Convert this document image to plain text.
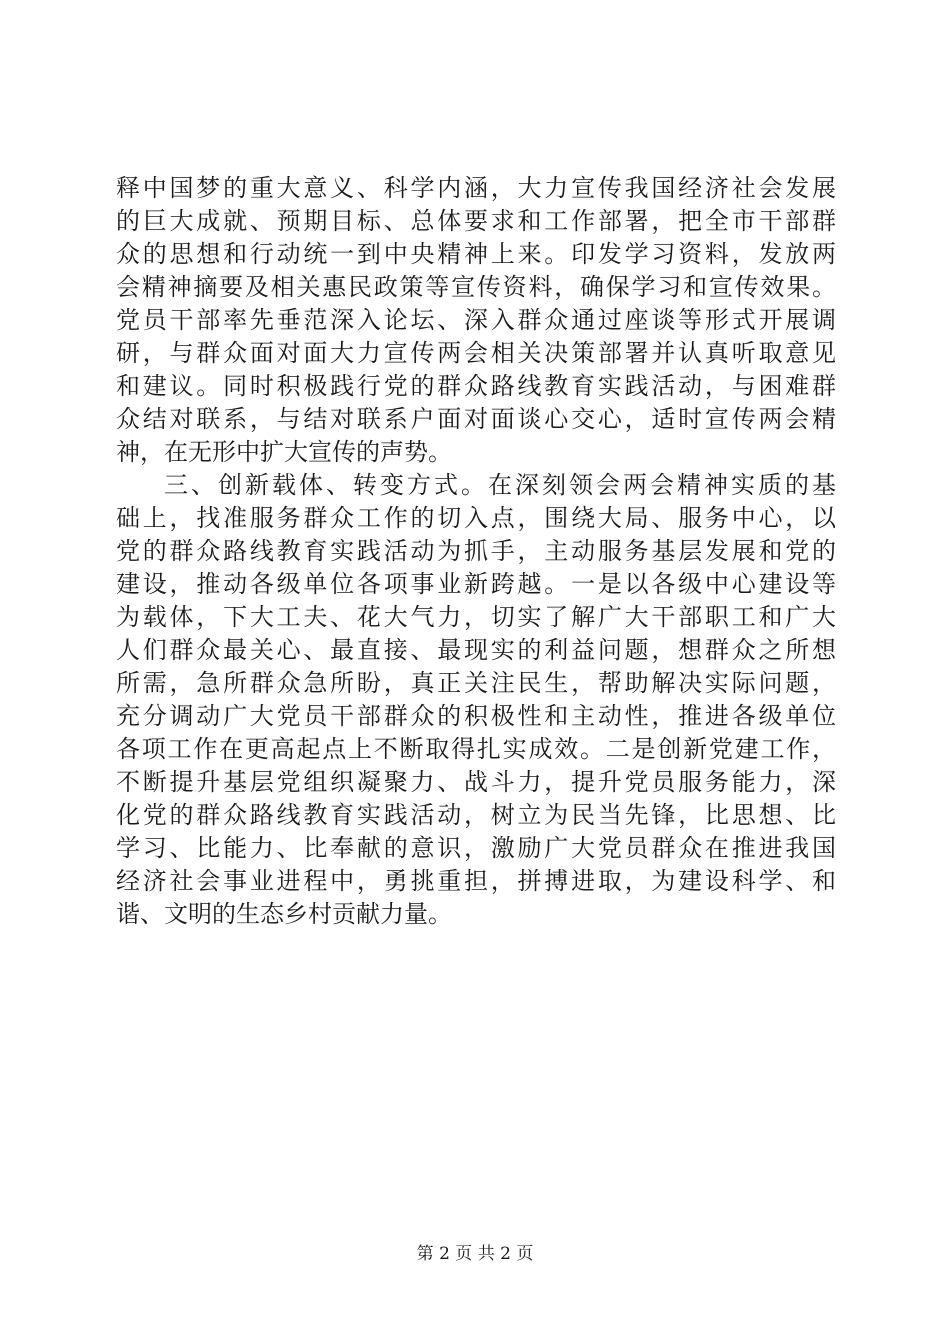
释中国梦的重大意义、科学内涵，大力宣传我国经济社会发展
的巨大成就、预期目标、总体要求和工作部署，把全市干部群
众的思想和行动统一到中央精神上来。印发学习资料，发放两
会精神摘要及相关惠民政策等宣传资料，确保学习和宣传效果。
党员干部率先垂范深入论坛、深入群众通过座谈等形式开展调
研，与群众面对面大力宣传两会相关决策部署并认真听取意见
和建议。同时积极践行党的群众路线教育实践活动，与困难群
众结对联系，与结对联系户面对面谈心交心，适时宣传两会精
神，在无形中扩大宣传的声势。
三、创新载体、转变方式。在深刻领会两会精神实质的基
础上，找准服务群众工作的切入点，围绕大局、服务中心，以
党的群众路线教育实践活动为抓手，主动服务基层发展和党的
建设，推动各级单位各项事业新跨越。一是以各级中心建设等
为载体，下大工夫、花大气力，切实了解广大干部职工和广大
人们群众最关心、最直接、最现实的利益问题，想群众之所想
所需，急所群众急所盼，真正关注民生，帮助解决实际问题，
充分调动广大党员干部群众的积极性和主动性，推进各级单位
各项工作在更高起点上不断取得扎实成效。二是创新党建工作，
不断提升基层党组织凝聚力、战斗力，提升党员服务能力，深
化党的群众路线教育实践活动，树立为民当先锋，比思想、比
学习、比能力、比奉献的意识，激励广大党员群众在推进我国
经济社会事业进程中，勇挑重担，拼搏进取，为建设科学、和
谐、文明的生态乡村贡献力量。
第 2 页 共 2 页
